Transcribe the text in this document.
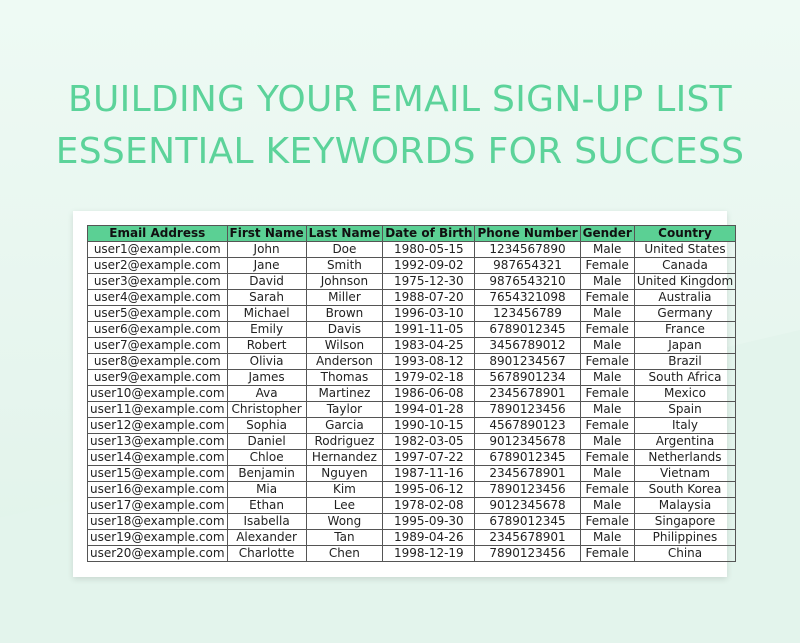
BUILDING YOUR EMAIL SIGN-UP LIST
ESSENTIAL KEYWORDS FOR SUCCESS
Email Address	First Name	Last Name	Date of Birth	Phone Number	Gender	Country
user1@example.com	John	Doe	1980-05-15	1234567890	Male	United States
user2@example.com	Jane	Smith	1992-09-02	987654321	Female	Canada
user3@example.com	David	Johnson	1975-12-30	9876543210	Male	United Kingdom
user4@example.com	Sarah	Miller	1988-07-20	7654321098	Female	Australia
user5@example.com	Michael	Brown	1996-03-10	123456789	Male	Germany
user6@example.com	Emily	Davis	1991-11-05	6789012345	Female	France
user7@example.com	Robert	Wilson	1983-04-25	3456789012	Male	Japan
user8@example.com	Olivia	Anderson	1993-08-12	8901234567	Female	Brazil
user9@example.com	James	Thomas	1979-02-18	5678901234	Male	South Africa
user10@example.com	Ava	Martinez	1986-06-08	2345678901	Female	Mexico
user11@example.com	Christopher	Taylor	1994-01-28	7890123456	Male	Spain
user12@example.com	Sophia	Garcia	1990-10-15	4567890123	Female	Italy
user13@example.com	Daniel	Rodriguez	1982-03-05	9012345678	Male	Argentina
user14@example.com	Chloe	Hernandez	1997-07-22	6789012345	Female	Netherlands
user15@example.com	Benjamin	Nguyen	1987-11-16	2345678901	Male	Vietnam
user16@example.com	Mia	Kim	1995-06-12	7890123456	Female	South Korea
user17@example.com	Ethan	Lee	1978-02-08	9012345678	Male	Malaysia
user18@example.com	Isabella	Wong	1995-09-30	6789012345	Female	Singapore
user19@example.com	Alexander	Tan	1989-04-26	2345678901	Male	Philippines
user20@example.com	Charlotte	Chen	1998-12-19	7890123456	Female	China
